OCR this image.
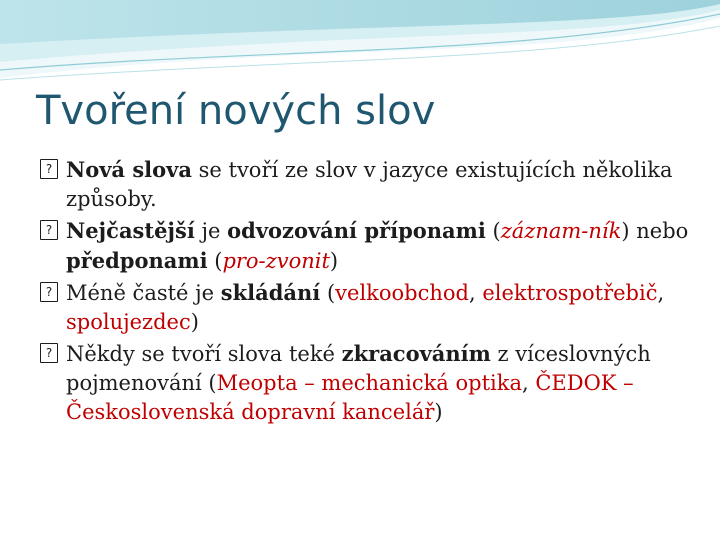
Tvoření nových slov

?
Nová slova se tvoří ze slov v jazyce existujících několika způsoby.

?
Nejčastější je odvozování příponami (záznam-ník) nebo předponami (pro-zvonit)

?
Méně časté je skládání (velkoobchod, elektrospotřebič, spolujezdec)

?
Někdy se tvoří slova teké zkracováním z víceslovných pojmenování (Meopta – mechanická optika, ČEDOK – Československá dopravní kancelář)
